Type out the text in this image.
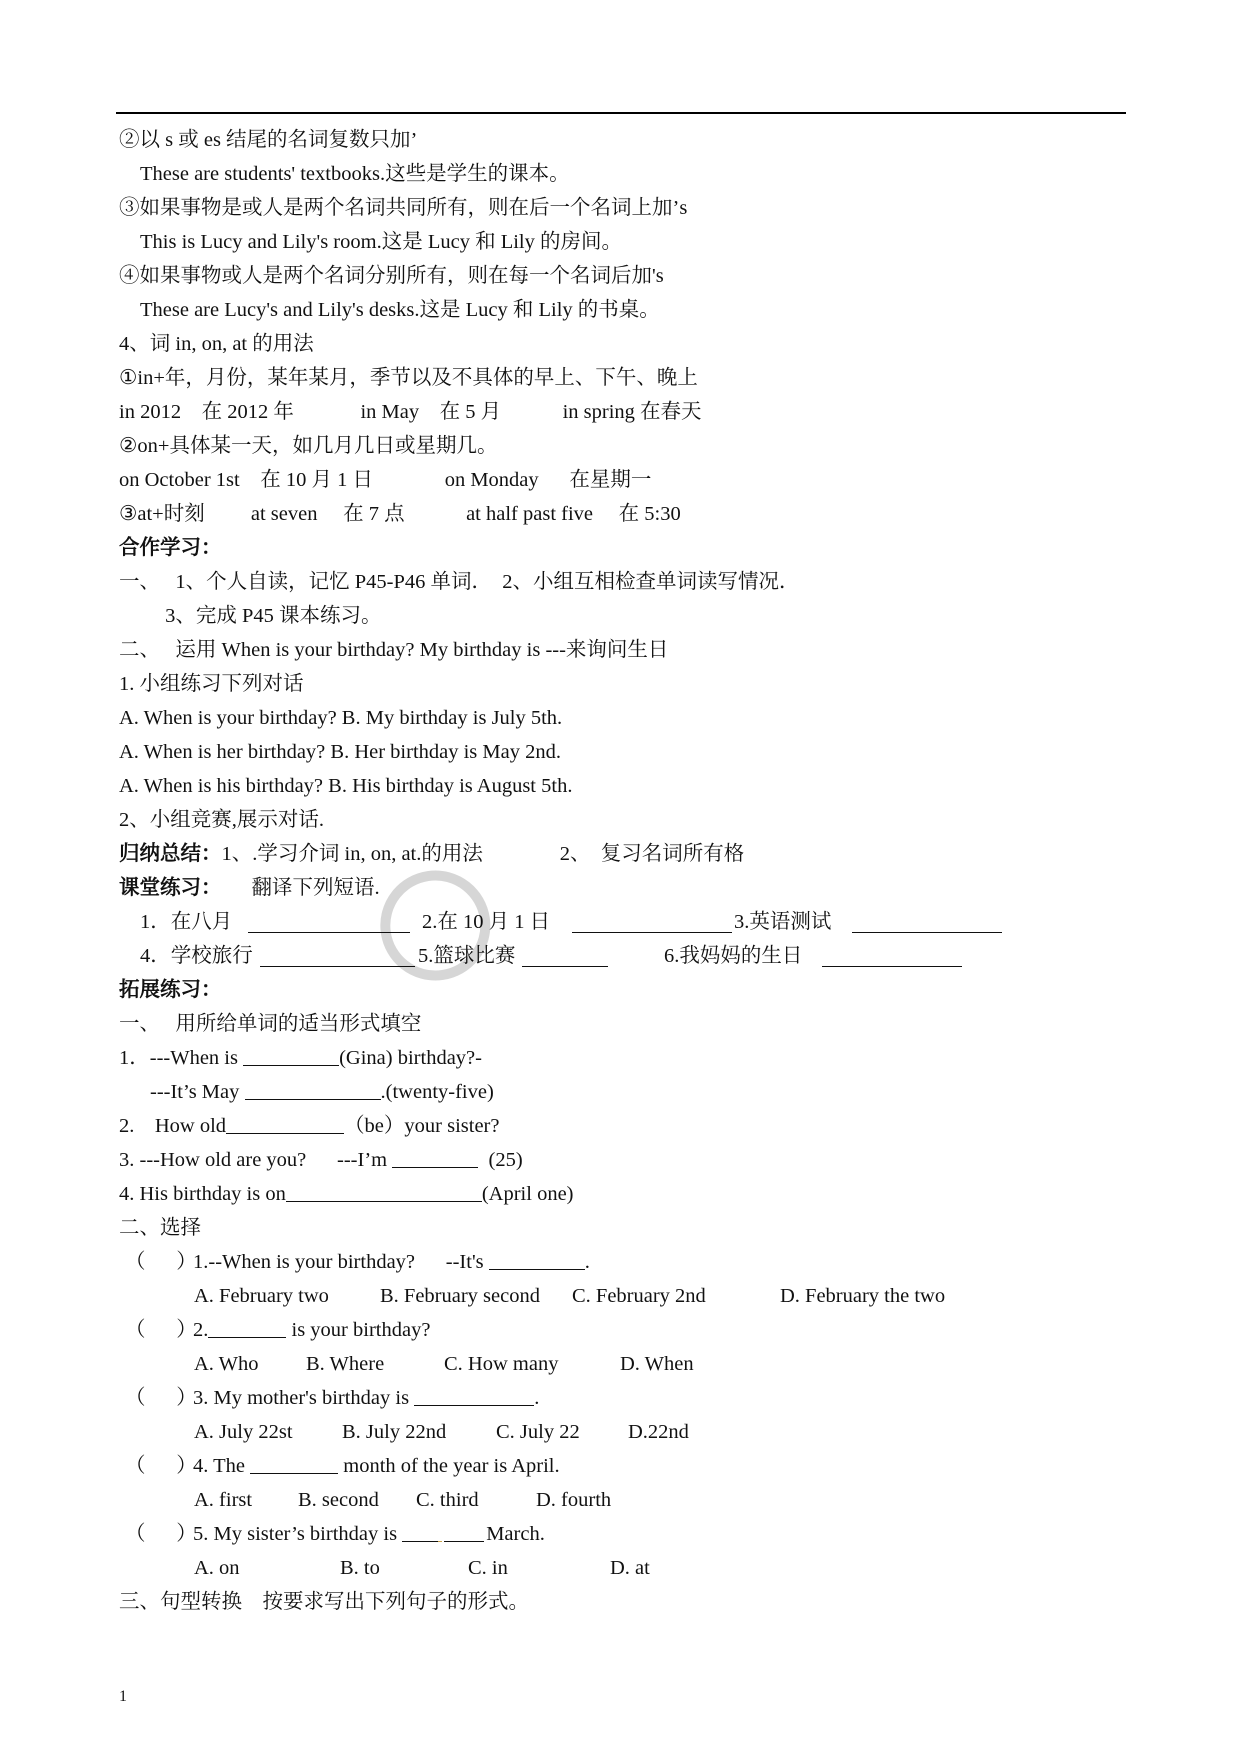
②以 s 或 es 结尾的名词复数只加’
These are students' textbooks.这些是学生的课本。
③如果事物是或人是两个名词共同所有，则在后一个名词上加’s
This is Lucy and Lily's room.这是 Lucy 和 Lily 的房间。
④如果事物或人是两个名词分别所有，则在每一个名词后加's
These are Lucy's and Lily's desks.这是 Lucy 和 Lily 的书桌。
4、词 in, on, at 的用法
①in+年，月份，某年某月，季节以及不具体的早上、下午、晚上
in 2012    在 2012 年             in May    在 5 月            in spring 在春天
②on+具体某一天，如几月几日或星期几。
on October 1st    在 10 月 1 日              on Monday      在星期一
③at+时刻         at seven     在 7 点            at half past five     在 5:30
合作学习：
一、   1、个人自读，记忆 P45-P46 单词．  2、小组互相检查单词读写情况．
3、完成 P45 课本练习。
二、   运用 When is your birthday? My birthday is ---来询问生日
1. 小组练习下列对话
A. When is your birthday? B. My birthday is July 5th.
A. When is her birthday? B. Her birthday is May 2nd.
A. When is his birthday? B. His birthday is August 5th.
2、小组竞赛,展示对话.
归纳总结：1、.学习介词 in, on, at.的用法               2、  复习名词所有格
课堂练习： 翻译下列短语.
1．在八月	2.在 10 月 1 日	3.英语测试
4．学校旅行	5.篮球比赛	6.我妈妈的生日
拓展练习：
一、   用所给单词的适当形式填空
1．---When is	(Gina) birthday?-
---It’s May	.(twenty-five)
2.    How old	（be）your sister?
3. ---How old are you?      ---I’m	(25)
4. His birthday is on	(April one)
二、选择
（      ）
1.--When is your birthday?      --It's	.
A. February two B. February second C. February 2nd	D. February the two
（      ）
2.	is your birthday?
A. Who B. Where	C. How many	D. When
（      ）
3. My mother's birthday is	.
A. July 22st B. July 22nd C. July 22 D.22nd
（      ）
4. The	month of the year is April.
A. first B. second C. third	D. fourth
（      ）
5. My sister’s birthday is	March.
A. on	B. to	C. in	D. at
三、句型转换    按要求写出下列句子的形式。
1
